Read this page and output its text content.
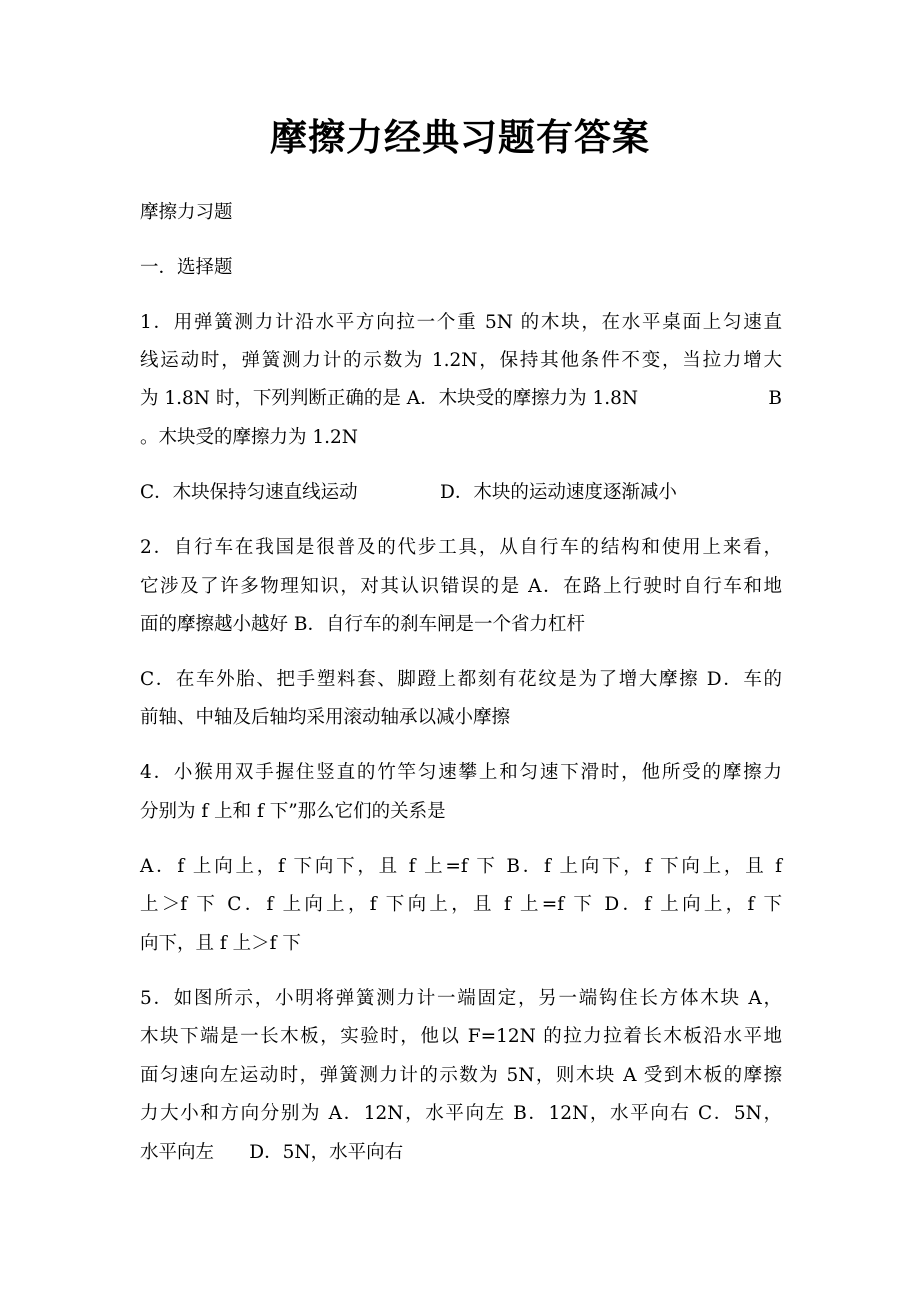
摩擦力经典习题有答案
摩擦力习题
一．选择题
1．用弹簧测力计沿水平方向拉一个重 5N 的木块，在水平桌面上匀速直
线运动时，弹簧测力计的示数为 1.2N，保持其他条件不变，当拉力增大
为 1.8N 时，下列判断正确的是 A．木块受的摩擦力为 1.8N	B
。木块受的摩擦力为 1.2N
C．木块保持匀速直线运动              D．木块的运动速度逐渐减小
2．自行车在我国是很普及的代步工具，从自行车的结构和使用上来看，
它涉及了许多物理知识，对其认识错误的是 A．在路上行驶时自行车和地
面的摩擦越小越好 B．自行车的刹车闸是一个省力杠杆
C．在车外胎、把手塑料套、脚蹬上都刻有花纹是为了增大摩擦 D．车的
前轴、中轴及后轴均采用滚动轴承以减小摩擦
4．小猴用双手握住竖直的竹竿匀速攀上和匀速下滑时，他所受的摩擦力
分别为 f 上和 f 下”那么它们的关系是
A．f 上向上，f 下向下，且 f 上=f 下 B．f 上向下，f 下向上，且 f
上＞f 下 C．f 上向上，f 下向上，且 f 上=f 下 D．f 上向上，f 下
向下，且 f 上＞f 下
5．如图所示，小明将弹簧测力计一端固定，另一端钩住长方体木块 A，
木块下端是一长木板，实验时，他以 F=12N 的拉力拉着长木板沿水平地
面匀速向左运动时，弹簧测力计的示数为 5N，则木块 A 受到木板的摩擦
力大小和方向分别为 A．12N，水平向左 B．12N，水平向右 C．5N，
水平向左      D．5N，水平向右
